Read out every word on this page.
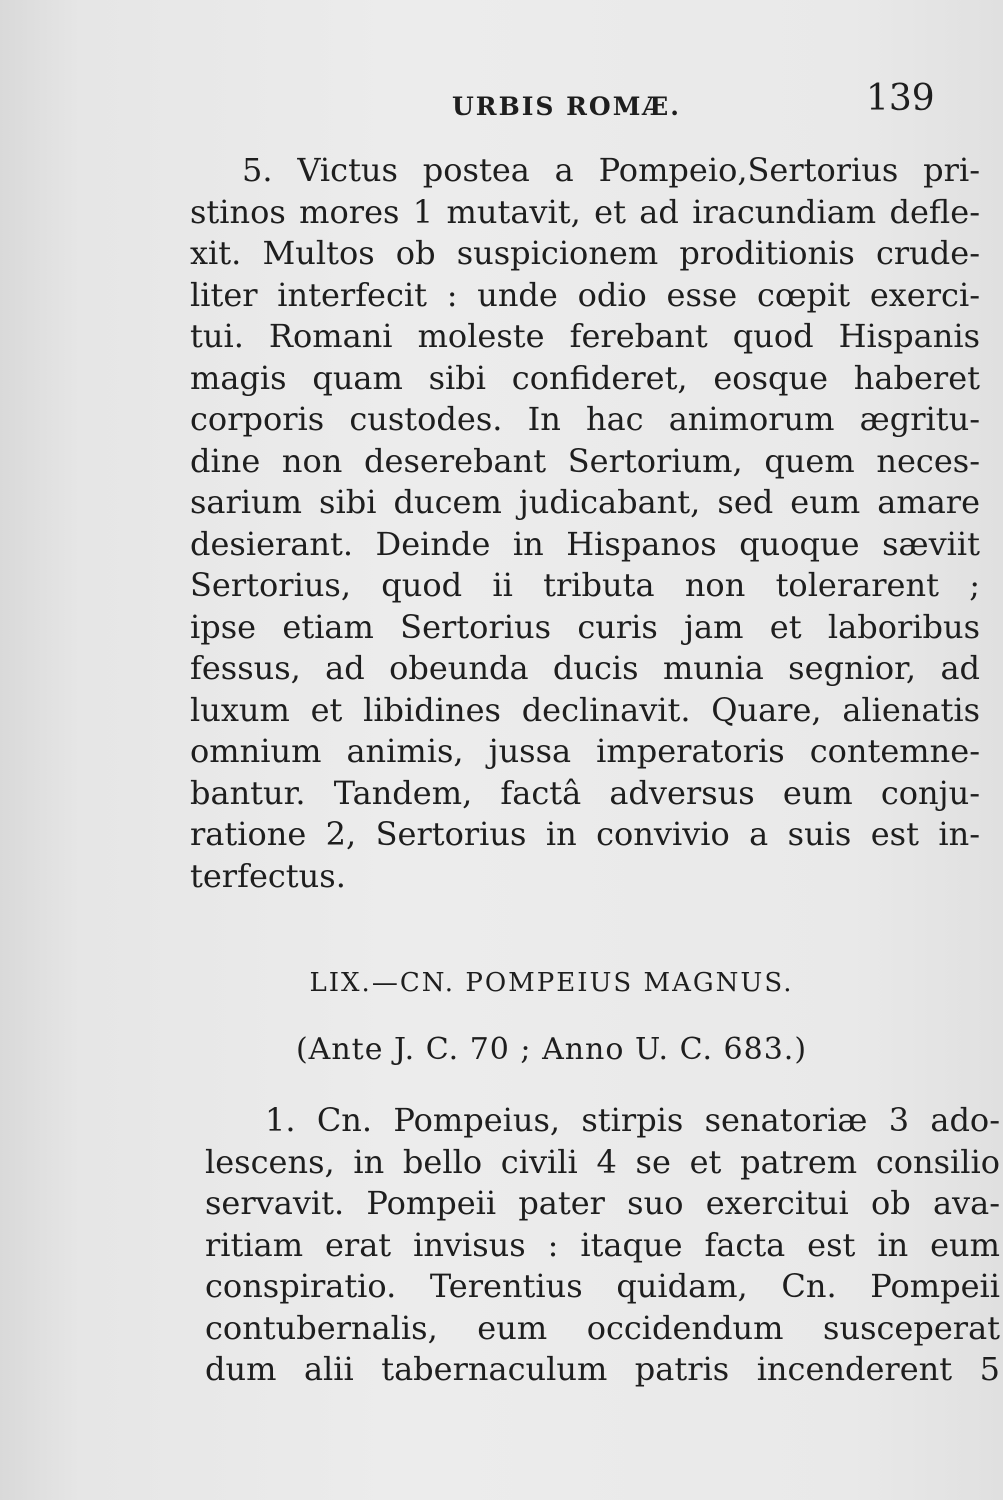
URBIS ROMÆ.	139
5. Victus postea a Pompeio,Sertorius pri-
stinos mores 1 mutavit, et ad iracundiam defle-
xit. Multos ob suspicionem proditionis crude-
liter interfecit : unde odio esse cœpit exerci-
tui. Romani moleste ferebant quod Hispanis
magis quam sibi confideret, eosque haberet
corporis custodes. In hac animorum ægritu-
dine non deserebant Sertorium, quem neces-
sarium sibi ducem judicabant, sed eum amare
desierant. Deinde in Hispanos quoque sæviit
Sertorius, quod ii tributa non tolerarent ;
ipse etiam Sertorius curis jam et laboribus
fessus, ad obeunda ducis munia segnior, ad
luxum et libidines declinavit. Quare, alienatis
omnium animis, jussa imperatoris contemne-
bantur. Tandem, factâ adversus eum conju-
ratione 2, Sertorius in convivio a suis est in-
terfectus.
LIX.—CN. POMPEIUS MAGNUS.
(Ante J. C. 70 ; Anno U. C. 683.)
1. Cn. Pompeius, stirpis senatoriæ 3 ado-
lescens, in bello civili 4 se et patrem consilio
servavit. Pompeii pater suo exercitui ob ava-
ritiam erat invisus : itaque facta est in eum
conspiratio. Terentius quidam, Cn. Pompeii
contubernalis, eum occidendum susceperat
dum alii tabernaculum patris incenderent 5
